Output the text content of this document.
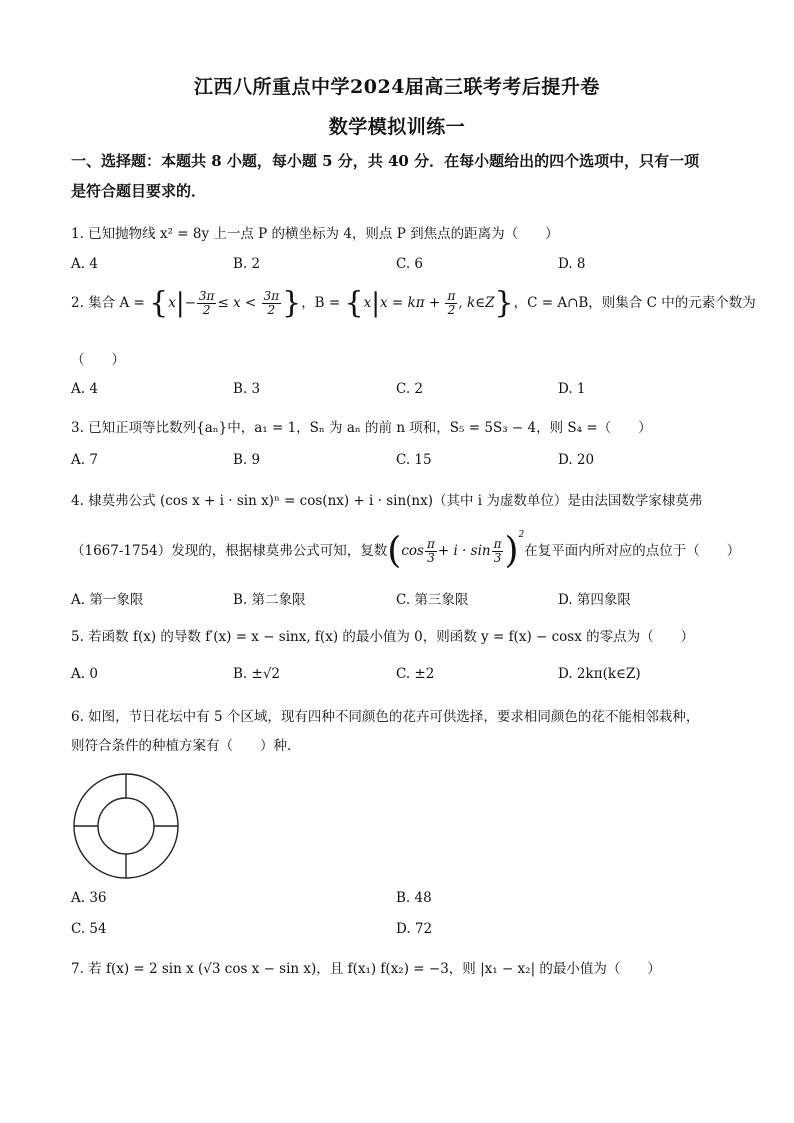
江西八所重点中学2024届高三联考考后提升卷
数学模拟训练一
一、选择题：本题共 8 小题，每小题 5 分，共 40 分．在每小题给出的四个选项中，只有一项
是符合题目要求的．
1. 已知抛物线 x² = 8y 上一点 P 的横坐标为 4，则点 P 到焦点的距离为（　　）
A. 4	B. 2	C. 6	D. 8
2. 集合 $A = \{x|- \frac{3\pi}{2} \le x < \frac{3\pi}{2}$ }，$B = \{x|x = k\pi + \frac{\pi}{2}$ , k∈Z}，C = A∩B，则集合 C 中的元素个数为
（　　）
A. 4	B. 3	C. 2	D. 1
3. 已知正项等比数列{aₙ}中，a₁ = 1，Sₙ 为 aₙ 的前 n 项和，S₅ = 5S₃ − 4，则 S₄ =（　　）
A. 7	B. 9	C. 15	D. 20
4. 棣莫弗公式 (cos x + i · sin x)ⁿ = cos(nx) + i · sin(nx)（其中 i 为虚数单位）是由法国数学家棣莫弗
（1667-1754）发现的，根据棣莫弗公式可知，复数$(\cos \frac{\pi}{3} + i \cdot \sin \frac{\pi}{3} )^2$在复平面内所对应的点位于（　　）
A. 第一象限	B. 第二象限	C. 第三象限	D. 第四象限
5. 若函数 f(x) 的导数 f′(x) = x − sinx, f(x) 的最小值为 0，则函数 y = f(x) − cosx 的零点为（　　）
A. 0	B. ±√2	C. ±2	D. 2kπ(k∈Z)
6. 如图，节日花坛中有 5 个区域，现有四种不同颜色的花卉可供选择，要求相同颜色的花不能相邻栽种，
则符合条件的种植方案有（　　）种．
A. 36	B. 48
C. 54	D. 72
7. 若 f(x) = 2 sin x (√3 cos x − sin x)，且 f(x₁) f(x₂) = −3，则 |x₁ − x₂| 的最小值为（　　）
